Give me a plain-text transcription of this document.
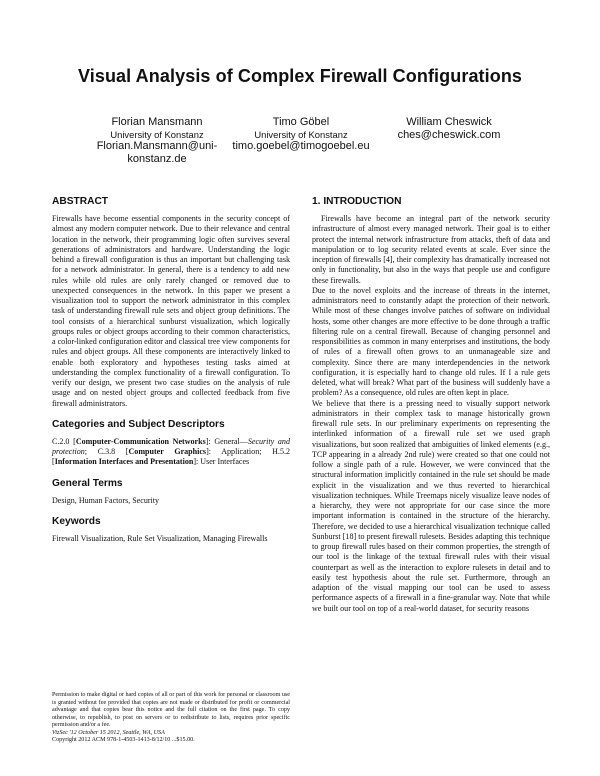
Visual Analysis of Complex Firewall Configurations
Florian Mansmann
University of Konstanz
Florian.Mansmann@uni-
konstanz.de
Timo Göbel
University of Konstanz
timo.goebel@timogoebel.eu
William Cheswick
ches@cheswick.com
ABSTRACT

Firewalls have become essential components in the security concept of almost any modern computer network. Due to their relevance and central location in the network, their programming logic often survives several generations of administrators and hardware. Understanding the logic behind a firewall configuration is thus an important but challenging task for a network administrator. In general, there is a tendency to add new rules while old rules are only rarely changed or removed due to unexpected consequences in the network. In this paper we present a visualization tool to support the network administrator in this complex task of understanding firewall rule sets and object group definitions. The tool consists of a hierarchical sunburst visualization, which logically groups rules or object groups according to their common characteristics, a color-linked configuration editor and classical tree view components for rules and object groups. All these components are interactively linked to enable both exploratory and hypotheses testing tasks aimed at understanding the complex functionality of a firewall configuration. To verify our design, we present two case studies on the analysis of rule usage and on nested object groups and collected feedback from five firewall administrators.

Categories and Subject Descriptors

C.2.0 [Computer-Communication Networks]: General—Security and protection; C.3.8 [Computer Graphics]: Application; H.5.2 [Information Interfaces and Presentation]: User Interfaces

General Terms

Design, Human Factors, Security

Keywords

Firewall Visualization, Rule Set Visualization, Managing Firewalls

Permission to make digital or hard copies of all or part of this work for personal or classroom use is granted without fee provided that copies are not made or distributed for profit or commercial advantage and that copies bear this notice and the full citation on the first page. To copy otherwise, to republish, to post on servers or to redistribute to lists, requires prior specific permission and/or a fee.
VizSec '12 October 15 2012, Seattle, WA, USA
Copyright 2012 ACM 978-1-4503-1413-8/12/10 ...$15.00.
1. INTRODUCTION

Firewalls have become an integral part of the network security infrastructure of almost every managed network. Their goal is to either protect the internal network infrastructure from attacks, theft of data and manipulation or to log security related events at scale. Ever since the inception of firewalls [4], their complexity has dramatically increased not only in functionality, but also in the ways that people use and configure these firewalls.

Due to the novel exploits and the increase of threats in the internet, administrators need to constantly adapt the protection of their network. While most of these changes involve patches of software on individual hosts, some other changes are more effective to be done through a traffic filtering rule on a central firewall. Because of changing personnel and responsibilities as common in many enterprises and institutions, the body of rules of a firewall often grows to an unmanageable size and complexity. Since there are many interdependencies in the network configuration, it is especially hard to change old rules. If I a rule gets deleted, what will break? What part of the business will suddenly have a problem? As a consequence, old rules are often kept in place.

We believe that there is a pressing need to visually support network administrators in their complex task to manage historically grown firewall rule sets. In our preliminary experiments on representing the interlinked information of a firewall rule set we used graph visualizations, but soon realized that ambiguities of linked elements (e.g., TCP appearing in a already 2nd rule) were created so that one could not follow a single path of a rule. However, we were convinced that the structural information implicitly contained in the rule set should be made explicit in the visualization and we thus reverted to hierarchical visualization techniques. While Treemaps nicely visualize leave nodes of a hierarchy, they were not appropriate for our case since the more important information is contained in the structure of the hierarchy. Therefore, we decided to use a hierarchical visualization technique called Sunburst [18] to present firewall rulesets. Besides adapting this technique to group firewall rules based on their common properties, the strength of our tool is the linkage of the textual firewall rules with their visual counterpart as well as the interaction to explore rulesets in detail and to easily test hypothesis about the rule set. Furthermore, through an adaption of the visual mapping our tool can be used to assess performance aspects of a firewall in a fine-granular way. Note that while we built our tool on top of a real-world dataset, for security reasons
